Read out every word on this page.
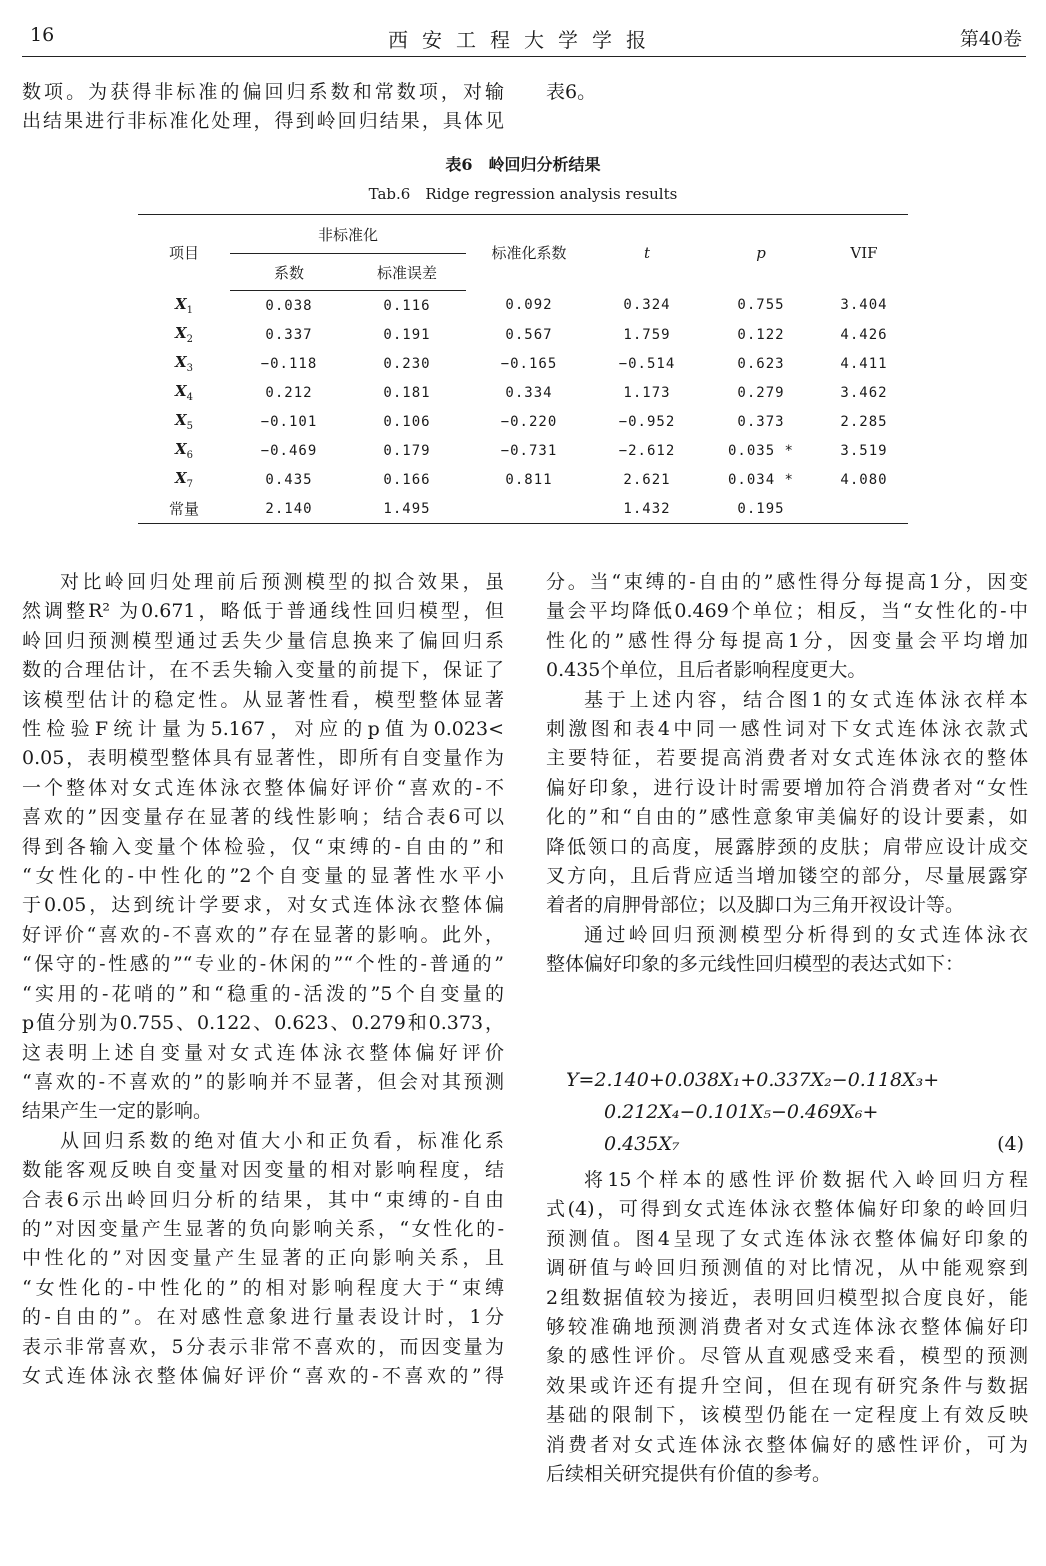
16	西安工程大学学报	第40卷

数项。为获得非标准的偏回归系数和常数项，对输

出结果进行非标准化处理，得到岭回归结果，具体见

表6。

表6　岭回归分析结果
Tab.6　Ridge regression analysis results
项目	非标准化		标准化系数	t	p	VIF
	系数	标准误差				
$X_1$	0.038	0.116	0.092	0.324	0.755	3.404
$X_2$	0.337	0.191	0.567	1.759	0.122	4.426
$X_3$	−0.118	0.230	−0.165	−0.514	0.623	4.411
$X_4$	0.212	0.181	0.334	1.173	0.279	3.462
$X_5$	−0.101	0.106	−0.220	−0.952	0.373	2.285
$X_6$	−0.469	0.179	−0.731	−2.612	0.035 *	3.519
$X_7$	0.435	0.166	0.811	2.621	0.034 *	4.080
常量	2.140	1.495		1.432	0.195	

对比岭回归处理前后预测模型的拟合效果，虽

然调整R² 为0.671，略低于普通线性回归模型，但

岭回归预测模型通过丢失少量信息换来了偏回归系

数的合理估计，在不丢失输入变量的前提下，保证了

该模型估计的稳定性。从显著性看，模型整体显著

性检验F统计量为5.167，对应的p值为0.023<

0.05，表明模型整体具有显著性，即所有自变量作为

一个整体对女式连体泳衣整体偏好评价“喜欢的-不

喜欢的”因变量存在显著的线性影响；结合表6可以

得到各输入变量个体检验，仅“束缚的-自由的”和

“女性化的-中性化的”2个自变量的显著性水平小

于0.05，达到统计学要求，对女式连体泳衣整体偏

好评价“喜欢的-不喜欢的”存在显著的影响。此外，

“保守的-性感的”“专业的-休闲的”“个性的-普通的”

“实用的-花哨的”和“稳重的-活泼的”5个自变量的

p值分别为0.755、0.122、0.623、0.279和0.373，

这表明上述自变量对女式连体泳衣整体偏好评价

“喜欢的-不喜欢的”的影响并不显著，但会对其预测

结果产生一定的影响。

从回归系数的绝对值大小和正负看，标准化系

数能客观反映自变量对因变量的相对影响程度，结

合表6示出岭回归分析的结果，其中“束缚的-自由

的”对因变量产生显著的负向影响关系，“女性化的-

中性化的”对因变量产生显著的正向影响关系，且

“女性化的-中性化的”的相对影响程度大于“束缚

的-自由的”。在对感性意象进行量表设计时，1分

表示非常喜欢，5分表示非常不喜欢的，而因变量为

女式连体泳衣整体偏好评价“喜欢的-不喜欢的”得

分。当“束缚的-自由的”感性得分每提高1分，因变

量会平均降低0.469个单位；相反，当“女性化的-中

性化的”感性得分每提高1分，因变量会平均增加

0.435个单位，且后者影响程度更大。

基于上述内容，结合图1的女式连体泳衣样本

刺激图和表4中同一感性词对下女式连体泳衣款式

主要特征，若要提高消费者对女式连体泳衣的整体

偏好印象，进行设计时需要增加符合消费者对“女性

化的”和“自由的”感性意象审美偏好的设计要素，如

降低领口的高度，展露脖颈的皮肤；肩带应设计成交

叉方向，且后背应适当增加镂空的部分，尽量展露穿

着者的肩胛骨部位；以及脚口为三角开衩设计等。

通过岭回归预测模型分析得到的女式连体泳衣

整体偏好印象的多元线性回归模型的表达式如下：

Y=2.140+0.038X₁+0.337X₂−0.118X₃+
0.212X₄−0.101X₅−0.469X₆+
0.435X₇	(4)

将15个样本的感性评价数据代入岭回归方程

式(4)，可得到女式连体泳衣整体偏好印象的岭回归

预测值。图4呈现了女式连体泳衣整体偏好印象的

调研值与岭回归预测值的对比情况，从中能观察到

2组数据值较为接近，表明回归模型拟合度良好，能

够较准确地预测消费者对女式连体泳衣整体偏好印

象的感性评价。尽管从直观感受来看，模型的预测

效果或许还有提升空间，但在现有研究条件与数据

基础的限制下，该模型仍能在一定程度上有效反映

消费者对女式连体泳衣整体偏好的感性评价，可为

后续相关研究提供有价值的参考。
